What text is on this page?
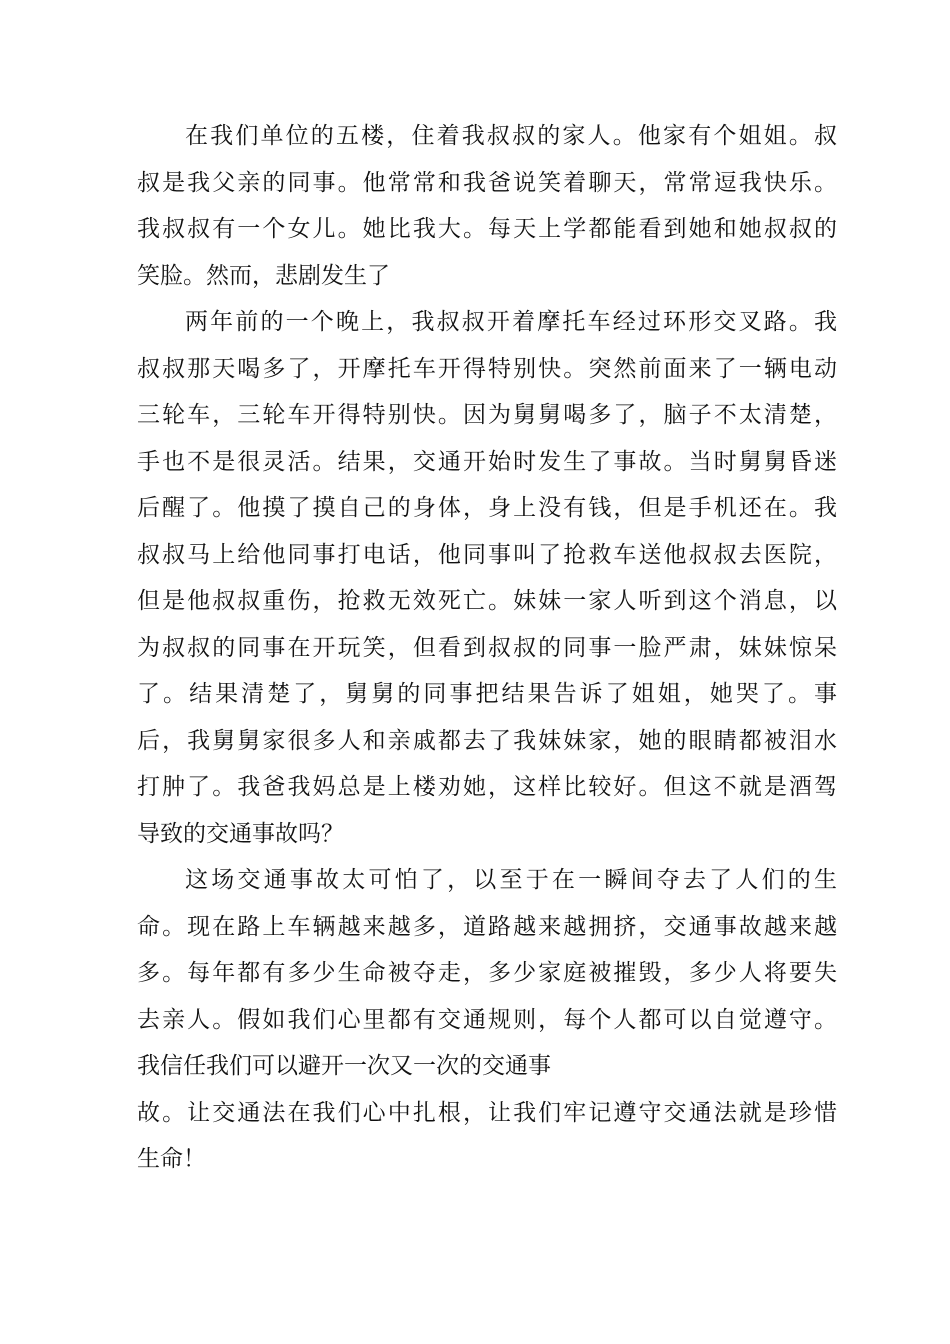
在我们单位的五楼，住着我叔叔的家人。他家有个姐姐。叔
叔是我父亲的同事。他常常和我爸说笑着聊天，常常逗我快乐。
我叔叔有一个女儿。她比我大。每天上学都能看到她和她叔叔的
笑脸。然而，悲剧发生了
两年前的一个晚上，我叔叔开着摩托车经过环形交叉路。我
叔叔那天喝多了，开摩托车开得特别快。突然前面来了一辆电动
三轮车，三轮车开得特别快。因为舅舅喝多了，脑子不太清楚，
手也不是很灵活。结果，交通开始时发生了事故。当时舅舅昏迷
后醒了。他摸了摸自己的身体，身上没有钱，但是手机还在。我
叔叔马上给他同事打电话，他同事叫了抢救车送他叔叔去医院，
但是他叔叔重伤，抢救无效死亡。妹妹一家人听到这个消息，以
为叔叔的同事在开玩笑，但看到叔叔的同事一脸严肃，妹妹惊呆
了。结果清楚了，舅舅的同事把结果告诉了姐姐，她哭了。事
后，我舅舅家很多人和亲戚都去了我妹妹家，她的眼睛都被泪水
打肿了。我爸我妈总是上楼劝她，这样比较好。但这不就是酒驾
导致的交通事故吗？
这场交通事故太可怕了，以至于在一瞬间夺去了人们的生
命。现在路上车辆越来越多，道路越来越拥挤，交通事故越来越
多。每年都有多少生命被夺走，多少家庭被摧毁，多少人将要失
去亲人。假如我们心里都有交通规则，每个人都可以自觉遵守。
我信任我们可以避开一次又一次的交通事
故。让交通法在我们心中扎根，让我们牢记遵守交通法就是珍惜
生命！
